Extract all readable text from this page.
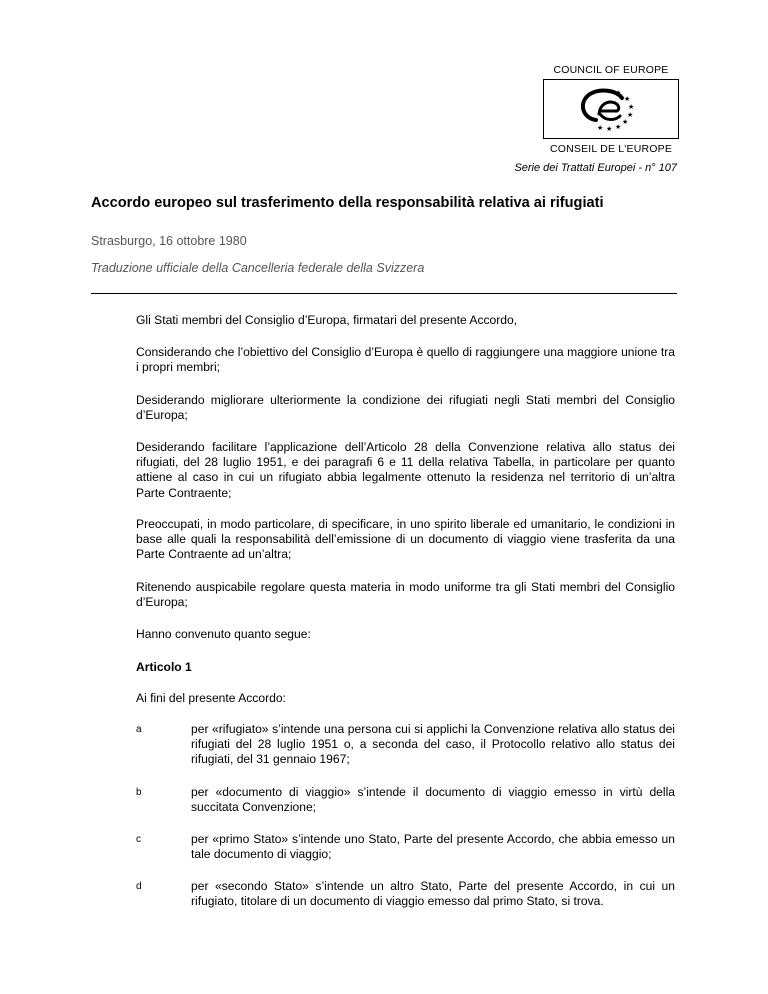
COUNCIL OF EUROPE
★
★
★
★
★
★
★
★
CONSEIL DE L'EUROPE
Serie dei Trattati Europei - n° 107
Accordo europeo sul trasferimento della responsabilità relativa ai rifugiati
Strasburgo, 16 ottobre 1980
Traduzione ufficiale della Cancelleria federale della Svizzera

Gli Stati membri del Consiglio d’Europa, firmatari del presente Accordo,

Considerando che l’obiettivo del Consiglio d’Europa è quello di raggiungere una maggiore unione tra i propri membri;

Desiderando migliorare ulteriormente la condizione dei rifugiati negli Stati membri del Consiglio d’Europa;

Desiderando facilitare l’applicazione dell’Articolo 28 della Convenzione relativa allo status dei rifugiati, del 28 luglio 1951, e dei paragrafi 6 e 11 della relativa Tabella, in particolare per quanto attiene al caso in cui un rifugiato abbia legalmente ottenuto la residenza nel territorio di un’altra Parte Contraente;

Preoccupati, in modo particolare, di specificare, in uno spirito liberale ed umanitario, le condizioni in base alle quali la responsabilità dell’emissione di un documento di viaggio viene trasferita da una Parte Contraente ad un’altra;

Ritenendo auspicabile regolare questa materia in modo uniforme tra gli Stati membri del Consiglio d’Europa;

Hanno convenuto quanto segue:

Articolo 1

Ai fini del presente Accordo:

a	per «rifugiato» s’intende una persona cui si applichi la Convenzione relativa allo status dei rifugiati del 28 luglio 1951 o, a seconda del caso, il Protocollo relativo allo status dei rifugiati, del 31 gennaio 1967;

b	per «documento di viaggio» s’intende il documento di viaggio emesso in virtù della succitata Convenzione;

c	per «primo Stato» s’intende uno Stato, Parte del presente Accordo, che abbia emesso un tale documento di viaggio;

d	per «secondo Stato» s’intende un altro Stato, Parte del presente Accordo, in cui un rifugiato, titolare di un documento di viaggio emesso dal primo Stato, si trova.
